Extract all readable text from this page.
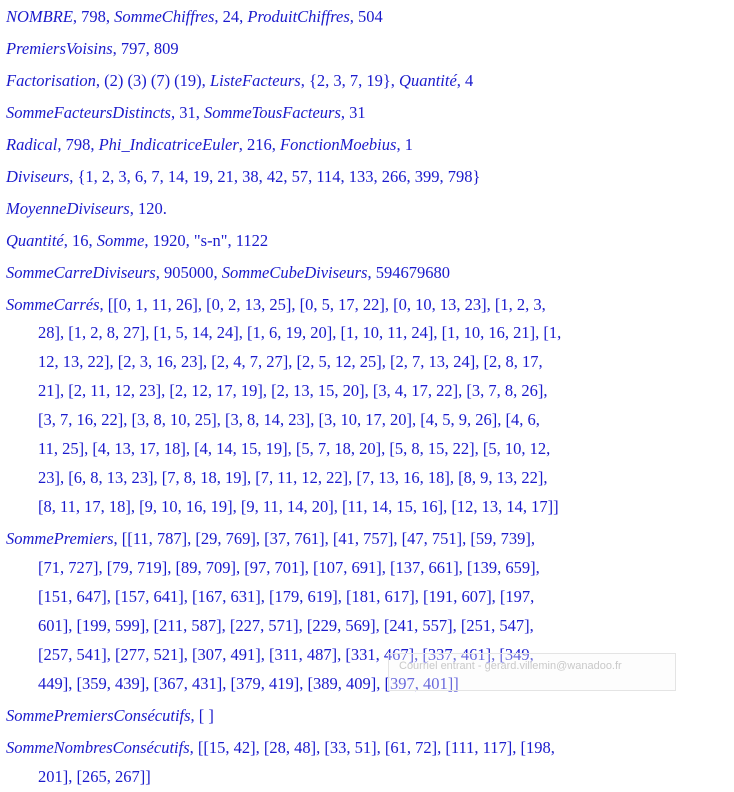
NOMBRE, 798, SommeChiffres, 24, ProduitChiffres, 504
PremiersVoisins, 797, 809
Factorisation, (2) (3) (7) (19), ListeFacteurs, {2, 3, 7, 19}, Quantité, 4
SommeFacteursDistincts, 31, SommeTousFacteurs, 31
Radical, 798, Phi_IndicatriceEuler, 216, FonctionMoebius, 1
Diviseurs, {1, 2, 3, 6, 7, 14, 19, 21, 38, 42, 57, 114, 133, 266, 399, 798}
MoyenneDiviseurs, 120.
Quantité, 16, Somme, 1920, "s-n", 1122
SommeCarreDiviseurs, 905000, SommeCubeDiviseurs, 594679680
SommeCarrés, [[0, 1, 11, 26], [0, 2, 13, 25], [0, 5, 17, 22], [0, 10, 13, 23], [1, 2, 3,
28], [1, 2, 8, 27], [1, 5, 14, 24], [1, 6, 19, 20], [1, 10, 11, 24], [1, 10, 16, 21], [1,
12, 13, 22], [2, 3, 16, 23], [2, 4, 7, 27], [2, 5, 12, 25], [2, 7, 13, 24], [2, 8, 17,
21], [2, 11, 12, 23], [2, 12, 17, 19], [2, 13, 15, 20], [3, 4, 17, 22], [3, 7, 8, 26],
[3, 7, 16, 22], [3, 8, 10, 25], [3, 8, 14, 23], [3, 10, 17, 20], [4, 5, 9, 26], [4, 6,
11, 25], [4, 13, 17, 18], [4, 14, 15, 19], [5, 7, 18, 20], [5, 8, 15, 22], [5, 10, 12,
23], [6, 8, 13, 23], [7, 8, 18, 19], [7, 11, 12, 22], [7, 13, 16, 18], [8, 9, 13, 22],
[8, 11, 17, 18], [9, 10, 16, 19], [9, 11, 14, 20], [11, 14, 15, 16], [12, 13, 14, 17]]
SommePremiers, [[11, 787], [29, 769], [37, 761], [41, 757], [47, 751], [59, 739],
[71, 727], [79, 719], [89, 709], [97, 701], [107, 691], [137, 661], [139, 659],
[151, 647], [157, 641], [167, 631], [179, 619], [181, 617], [191, 607], [197,
601], [199, 599], [211, 587], [227, 571], [229, 569], [241, 557], [251, 547],
[257, 541], [277, 521], [307, 491], [311, 487], [331, 467], [337, 461], [349,
449], [359, 439], [367, 431], [379, 419], [389, 409], [397, 401]]
SommePremiersConsécutifs, [ ]
SommeNombresConsécutifs, [[15, 42], [28, 48], [33, 51], [61, 72], [111, 117], [198,
201], [265, 267]]
Courriel entrant - gerard.villemin@wanadoo.fr
